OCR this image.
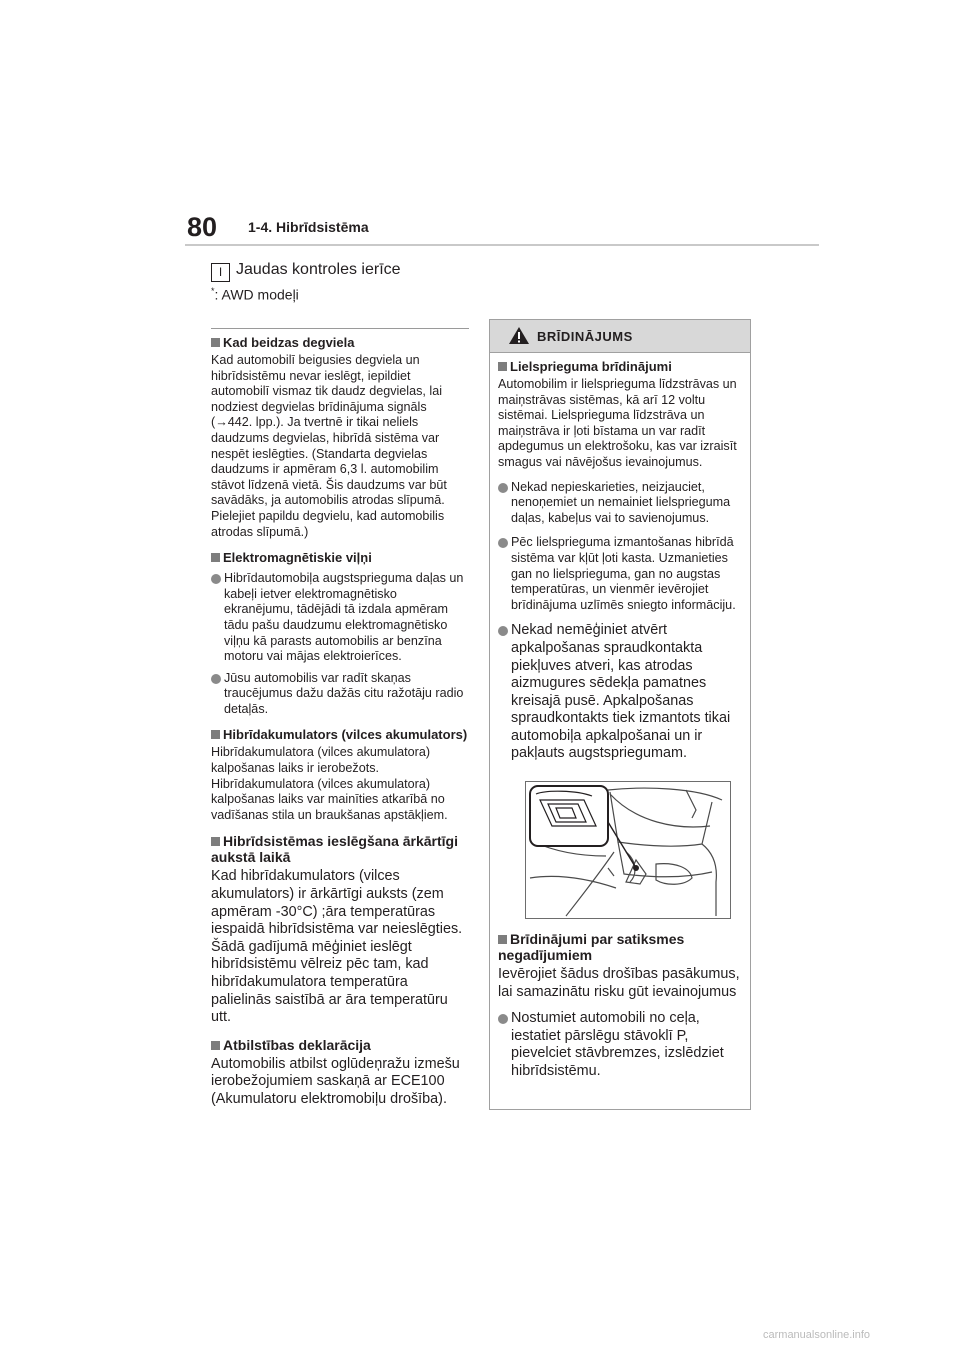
80 1-4. Hibrīdsistēma
I Jaudas kontroles ierīce
*: AWD modeļi
Kad beidzas degviela
Kad automobilī beigusies degviela un hibrīdsistēmu nevar ieslēgt, iepildiet automobilī vismaz tik daudz degvielas, lai nodziest degvielas brīdinājuma signāls (→442. lpp.). Ja tvertnē ir tikai neliels daudzums degvielas, hibrīdā sistēma var nespēt ieslēgties. (Standarta degvielas daudzums ir apmēram 6,3 l. automobilim stāvot līdzenā vietā. Šis daudzums var būt savādāks, ja automobilis atrodas slīpumā. Pielejiet papildu degvielu, kad automobilis atrodas slīpumā.)
Elektromagnētiskie viļņi
Hibrīdautomobiļa augstsprieguma daļas un kabeļi ietver elektromagnētisko ekranējumu, tādējādi tā izdala apmēram tādu pašu daudzumu elektromagnētisko viļņu kā parasts automobilis ar benzīna motoru vai mājas elektroierīces.
Jūsu automobilis var radīt skaņas traucējumus dažu dažās citu ražotāju radio detaļās.
Hibrīdakumulators (vilces akumulators)
Hibrīdakumulatora (vilces akumulatora) kalpošanas laiks ir ierobežots. Hibrīdakumulatora (vilces akumulatora) kalpošanas laiks var mainīties atkarībā no vadīšanas stila un braukšanas apstākļiem.
Hibrīdsistēmas ieslēgšana ārkārtīgi aukstā laikā
Kad hibrīdakumulators (vilces akumulators) ir ārkārtīgi auksts (zem apmēram -30°C) ;āra temperatūras iespaidā hibrīdsistēma var neieslēgties. Šādā gadījumā mēģiniet ieslēgt hibrīdsistēmu vēlreiz pēc tam, kad hibrīdakumulatora temperatūra palielinās saistībā ar āra temperatūru utt.
Atbilstības deklarācija
Automobilis atbilst oglūdeņražu izmešu ierobežojumiem saskaņā ar ECE100 (Akumulatoru elektromobiļu drošība).
BRĪDINĀJUMS
Lielsprieguma brīdinājumi
Automobilim ir lielsprieguma līdzstrāvas un maiņstrāvas sistēmas, kā arī 12 voltu sistēmai. Lielsprieguma līdzstrāva un maiņstrāva ir ļoti bīstama un var radīt apdegumus un elektrošoku, kas var izraisīt smagus vai nāvējošus ievainojumus.
Nekad nepieskarieties, neizjauciet, nenoņemiet un nemainiet lielsprieguma daļas, kabeļus vai to savienojumus.
Pēc lielsprieguma izmantošanas hibrīdā sistēma var kļūt ļoti kasta. Uzmanieties gan no lielsprieguma, gan no augstas temperatūras, un vienmēr ievērojiet brīdinājuma uzlīmēs sniegto informāciju.
Nekad nemēģiniet atvērt apkalpošanas spraudkontakta piekļuves atveri, kas atrodas aizmugures sēdekļa pamatnes kreisajā pusē. Apkalpošanas spraudkontakts tiek izmantots tikai automobiļa apkalpošanai un ir pakļauts augstspriegumam.
Brīdinājumi par satiksmes negadījumiem
Ievērojiet šādus drošības pasākumus, lai samazinātu risku gūt ievainojumus
Nostumiet automobili no ceļa, iestatiet pārslēgu stāvoklī P, pievelciet stāvbremzes, izslēdziet hibrīdsistēmu.
carmanualsonline.info
